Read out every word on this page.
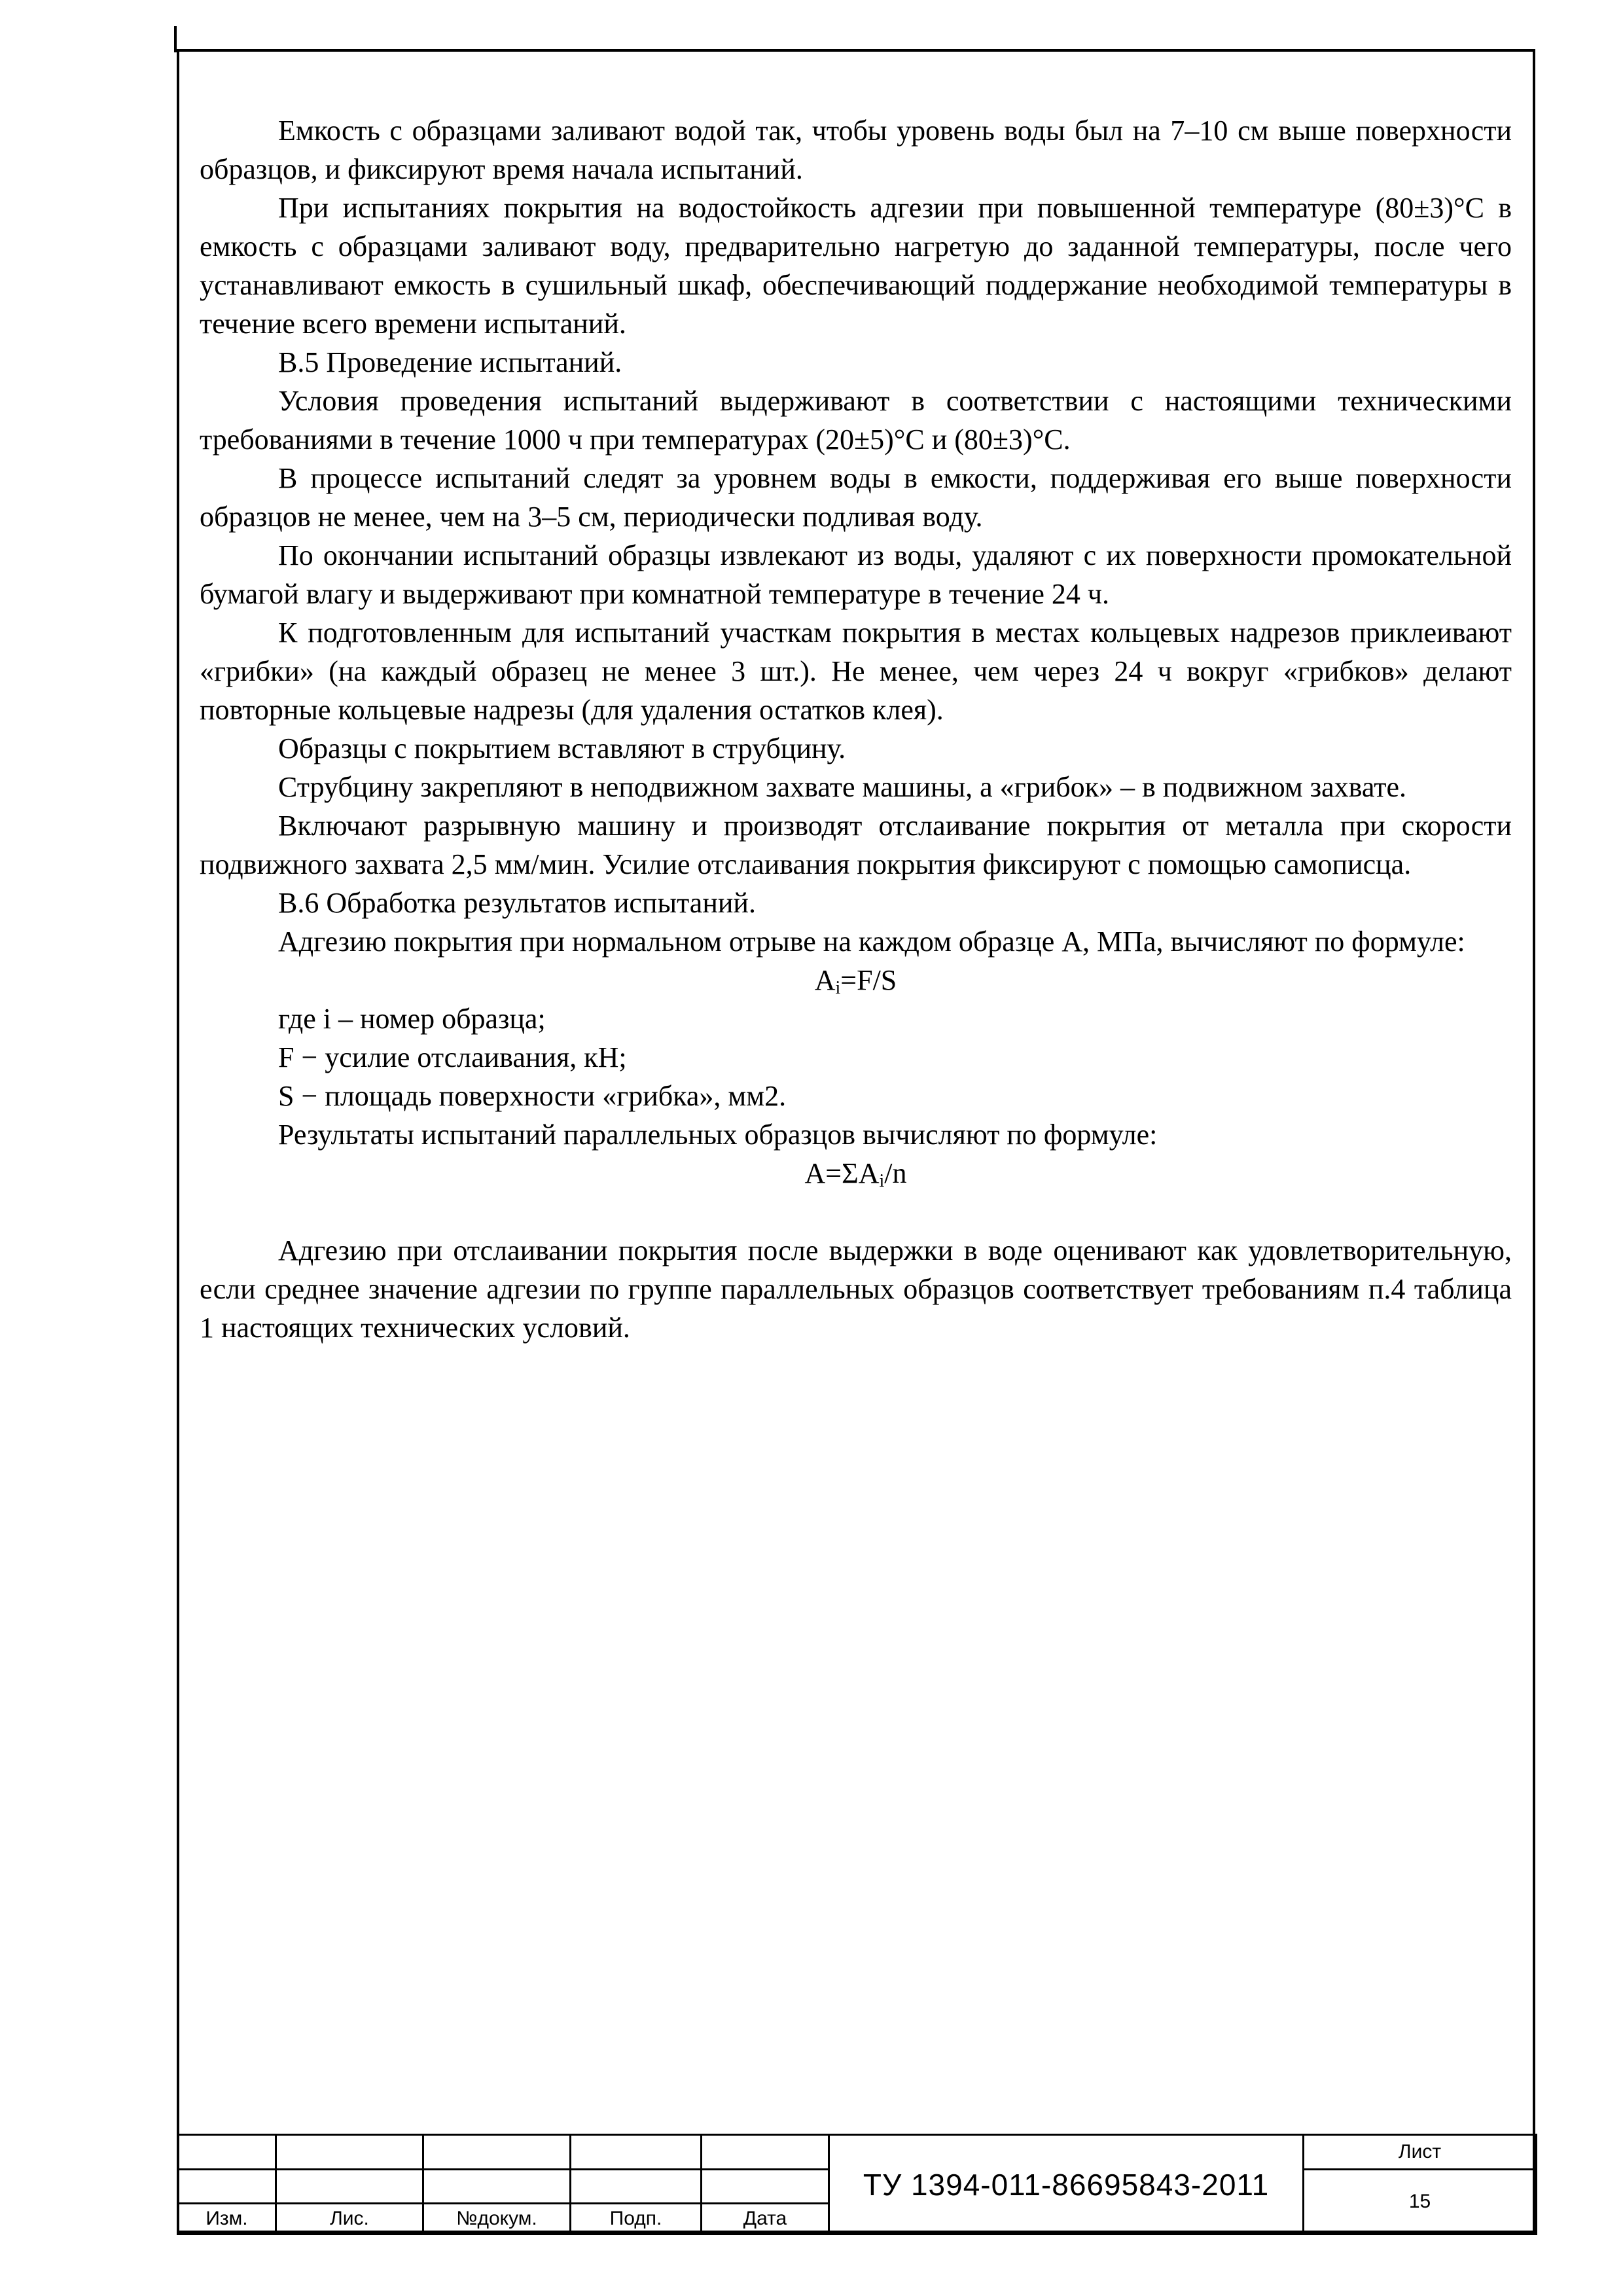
Емкость с образцами заливают водой так, чтобы уровень воды был на 7–10 см выше поверхности образцов, и фиксируют время начала испытаний.

При испытаниях покрытия на водостойкость адгезии при повышенной температуре (80±3)°С в емкость с образцами заливают воду, предварительно нагретую до заданной температуры, после чего устанавливают емкость в сушильный шкаф, обеспечивающий поддержание необходимой температуры в течение всего времени испытаний.

В.5 Проведение испытаний.

Условия проведения испытаний выдерживают в соответствии с настоящими техническими требованиями в течение 1000 ч при температурах (20±5)°С и (80±3)°С.

В процессе испытаний следят за уровнем воды в емкости, поддерживая его выше поверхности образцов не менее, чем на 3–5 см, периодически подливая воду.

По окончании испытаний образцы извлекают из воды, удаляют с их поверхности промокательной бумагой влагу и выдерживают при комнатной температуре в течение 24 ч.

К подготовленным для испытаний участкам покрытия в местах кольцевых надрезов приклеивают «грибки» (на каждый образец не менее 3 шт.). Не менее, чем через 24 ч вокруг «грибков» делают повторные кольцевые надрезы (для удаления остатков клея).

Образцы с покрытием вставляют в струбцину.

Струбцину закрепляют в неподвижном захвате машины, а «грибок» – в подвижном захвате.

Включают разрывную машину и производят отслаивание покрытия от металла при скорости подвижного захвата 2,5 мм/мин. Усилие отслаивания покрытия фиксируют с помощью самописца.

В.6 Обработка результатов испытаний.

Адгезию покрытия при нормальном отрыве на каждом образце А, МПа, вычисляют по формуле:

$A_i=F/S$

где i – номер образца;

F − усилие отслаивания, кН;

S − площадь поверхности «грибка», мм2.

Результаты испытаний параллельных образцов вычисляют по формуле:

$A=\Sigma A_i/n$

Адгезию при отслаивании покрытия после выдержки в воде оценивают как удовлетворительную, если среднее значение адгезии по группе параллельных образцов соответствует требованиям п.4 таблица 1 настоящих технических условий.

					ТУ 1394-011-86695843-2011	Лист
						15
Изм.	Лис.	№докум.	Подп.	Дата		
